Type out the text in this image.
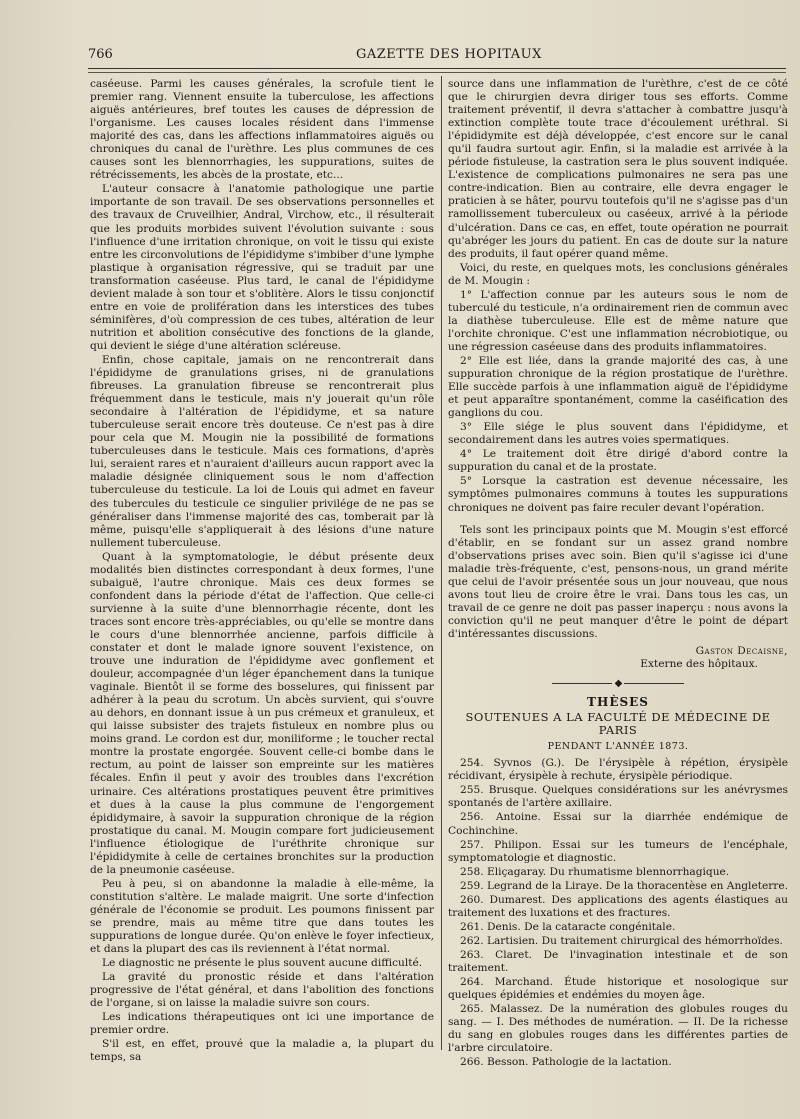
766	GAZETTE DES HOPITAUX

caséeuse. Parmi les causes générales, la scrofule tient le premier rang. Viennent ensuite la tuberculose, les affections aiguës antérieures, bref toutes les causes de dépression de l'organisme. Les causes locales résident dans l'immense majorité des cas, dans les affections inflammatoires aiguës ou chroniques du canal de l'urèthre. Les plus communes de ces causes sont les blennorrhagies, les suppurations, suites de rétrécissements, les abcès de la prostate, etc...

L'auteur consacre à l'anatomie pathologique une partie importante de son travail. De ses observations personnelles et des travaux de Cruveilhier, Andral, Virchow, etc., il résulterait que les produits morbides suivent l'évolution suivante : sous l'influence d'une irritation chronique, on voit le tissu qui existe entre les circonvolutions de l'épididyme s'imbiber d'une lymphe plastique à organisation régressive, qui se traduit par une transformation caséeuse. Plus tard, le canal de l'épididyme devient malade à son tour et s'oblitère. Alors le tissu conjonctif entre en voie de prolifération dans les interstices des tubes séminifères, d'où compression de ces tubes, altération de leur nutrition et abolition consécutive des fonctions de la glande, qui devient le siége d'une altération scléreuse.

Enfin, chose capitale, jamais on ne rencontrerait dans l'épididyme de granulations grises, ni de granulations fibreuses. La granulation fibreuse se rencontrerait plus fréquemment dans le testicule, mais n'y jouerait qu'un rôle secondaire à l'altération de l'épididyme, et sa nature tuberculeuse serait encore très douteuse. Ce n'est pas à dire pour cela que M. Mougin nie la possibilité de formations tuberculeuses dans le testicule. Mais ces formations, d'après lui, seraient rares et n'auraient d'ailleurs aucun rapport avec la maladie désignée cliniquement sous le nom d'affection tuberculeuse du testicule. La loi de Louis qui admet en faveur des tubercules du testicule ce singulier privilége de ne pas se généraliser dans l'immense majorité des cas, tomberait par là même, puisqu'elle s'appliquerait à des lésions d'une nature nullement tuberculeuse.

Quant à la symptomatologie, le début présente deux modalités bien distinctes correspondant à deux formes, l'une subaiguë, l'autre chronique. Mais ces deux formes se confondent dans la période d'état de l'affection. Que celle-ci survienne à la suite d'une blennorrhagie récente, dont les traces sont encore très-appréciables, ou qu'elle se montre dans le cours d'une blennorrhée ancienne, parfois difficile à constater et dont le malade ignore souvent l'existence, on trouve une induration de l'épididyme avec gonflement et douleur, accompagnée d'un léger épanchement dans la tunique vaginale. Bientôt il se forme des bosselures, qui finissent par adhérer à la peau du scrotum. Un abcès survient, qui s'ouvre au dehors, en donnant issue à un pus crémeux et granuleux, et qui laisse subsister des trajets fistuleux en nombre plus ou moins grand. Le cordon est dur, moniliforme ; le toucher rectal montre la prostate engorgée. Souvent celle-ci bombe dans le rectum, au point de laisser son empreinte sur les matières fécales. Enfin il peut y avoir des troubles dans l'excrétion urinaire. Ces altérations prostatiques peuvent être primitives et dues à la cause la plus commune de l'engorgement épididymaire, à savoir la suppuration chronique de la région prostatique du canal. M. Mougin compare fort judicieusement l'influence étiologique de l'uréthrite chronique sur l'épididymite à celle de certaines bronchites sur la production de la pneumonie caséeuse.

Peu à peu, si on abandonne la maladie à elle-même, la constitution s'altère. Le malade maigrit. Une sorte d'infection générale de l'économie se produit. Les poumons finissent par se prendre, mais au même titre que dans toutes les suppurations de longue durée. Qu'on enlève le foyer infectieux, et dans la plupart des cas ils reviennent à l'état normal.

Le diagnostic ne présente le plus souvent aucune difficulté.

La gravité du pronostic réside et dans l'altération progressive de l'état général, et dans l'abolition des fonctions de l'organe, si on laisse la maladie suivre son cours.

Les indications thérapeutiques ont ici une importance de premier ordre.

S'il est, en effet, prouvé que la maladie a, la plupart du temps, sa

source dans une inflammation de l'urèthre, c'est de ce côté que le chirurgien devra diriger tous ses efforts. Comme traitement préventif, il devra s'attacher à combattre jusqu'à extinction complète toute trace d'écoulement uréthral. Si l'épididymite est déjà développée, c'est encore sur le canal qu'il faudra surtout agir. Enfin, si la maladie est arrivée à la période fistuleuse, la castration sera le plus souvent indiquée. L'existence de complications pulmonaires ne sera pas une contre-indication. Bien au contraire, elle devra engager le praticien à se hâter, pourvu toutefois qu'il ne s'agisse pas d'un ramollissement tuberculeux ou caséeux, arrivé à la période d'ulcération. Dans ce cas, en effet, toute opération ne pourrait qu'abréger les jours du patient. En cas de doute sur la nature des produits, il faut opérer quand même.

Voici, du reste, en quelques mots, les conclusions générales de M. Mougin :

1° L'affection connue par les auteurs sous le nom de tuberculé du testicule, n'a ordinairement rien de commun avec la diathèse tuberculeuse. Elle est de même nature que l'orchite chronique. C'est une inflammation nécrobiotique, ou une régression caséeuse dans des produits inflammatoires.

2° Elle est liée, dans la grande majorité des cas, à une suppuration chronique de la région prostatique de l'urèthre. Elle succède parfois à une inflammation aiguë de l'épididyme et peut apparaître spontanément, comme la caséification des ganglions du cou.

3° Elle siége le plus souvent dans l'épididyme, et secondairement dans les autres voies spermatiques.

4° Le traitement doit être dirigé d'abord contre la suppuration du canal et de la prostate.

5° Lorsque la castration est devenue nécessaire, les symptômes pulmonaires communs à toutes les suppurations chroniques ne doivent pas faire reculer devant l'opération.

Tels sont les principaux points que M. Mougin s'est efforcé d'établir, en se fondant sur un assez grand nombre d'observations prises avec soin. Bien qu'il s'agisse ici d'une maladie très-fréquente, c'est, pensons-nous, un grand mérite que celui de l'avoir présentée sous un jour nouveau, que nous avons tout lieu de croire être le vrai. Dans tous les cas, un travail de ce genre ne doit pas passer inaperçu : nous avons la conviction qu'il ne peut manquer d'être le point de départ d'intéressantes discussions.

Gaston Decaisne,
Externe des hôpitaux.
◆
THÈSES
SOUTENUES A LA FACULTÉ DE MÉDECINE DE PARIS
PENDANT L'ANNÉE 1873.

254. Syvnos (G.). De l'érysipèle à répétion, érysipèle récidivant, érysipèle à rechute, érysipèle périodique.

255. Brusque. Quelques considérations sur les anévrysmes spontanés de l'artère axillaire.

256. Antoine. Essai sur la diarrhée endémique de Cochinchine.

257. Philipon. Essai sur les tumeurs de l'encéphale, symptomatologie et diagnostic.

258. Eliçagaray. Du rhumatisme blennorrhagique.

259. Legrand de la Liraye. De la thoracentèse en Angleterre.

260. Dumarest. Des applications des agents élastiques au traitement des luxations et des fractures.

261. Denis. De la cataracte congénitale.

262. Lartisien. Du traitement chirurgical des hémorrhoïdes.

263. Claret. De l'invagination intestinale et de son traitement.

264. Marchand. Étude historique et nosologique sur quelques épidémies et endémies du moyen âge.

265. Malassez. De la numération des globules rouges du sang. — I. Des méthodes de numération. — II. De la richesse du sang en globules rouges dans les différentes parties de l'arbre circulatoire.

266. Besson. Pathologie de la lactation.
